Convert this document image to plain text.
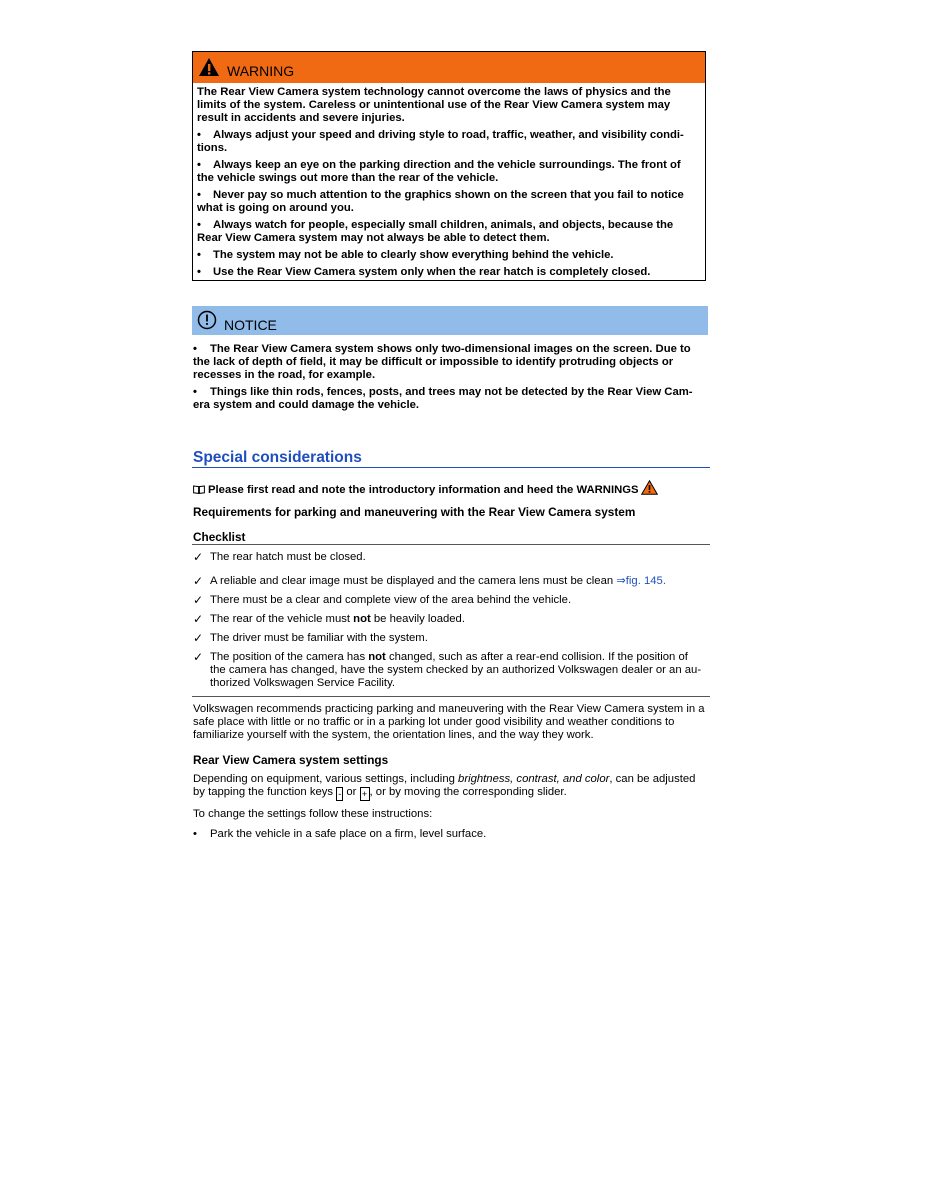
WARNING

The Rear View Camera system technology cannot overcome the laws of physics and the limits of the system. Careless or unintentional use of the Rear View Camera system may result in accidents and severe injuries.

• Always adjust your speed and driving style to road, traffic, weather, and visibility condi-tions.

• Always keep an eye on the parking direction and the vehicle surroundings. The front of the vehicle swings out more than the rear of the vehicle.

• Never pay so much attention to the graphics shown on the screen that you fail to notice what is going on around you.

• Always watch for people, especially small children, animals, and objects, because the Rear View Camera system may not always be able to detect them.

• The system may not be able to clearly show everything behind the vehicle.

• Use the Rear View Camera system only when the rear hatch is completely closed.

NOTICE

• The Rear View Camera system shows only two-dimensional images on the screen. Due to the lack of depth of field, it may be difficult or impossible to identify protruding objects or recesses in the road, for example.

• Things like thin rods, fences, posts, and trees may not be detected by the Rear View Cam-era system and could damage the vehicle.

Special considerations
Please first read and note the introductory information and heed the WARNINGS
Requirements for parking and maneuvering with the Rear View Camera system
Checklist
✓ The rear hatch must be closed.
✓ A reliable and clear image must be displayed and the camera lens must be clean ⇒fig. 145.
✓ There must be a clear and complete view of the area behind the vehicle.
✓ The rear of the vehicle must not be heavily loaded.
✓ The driver must be familiar with the system.
✓ The position of the camera has not changed, such as after a rear-end collision. If the position of the camera has changed, have the system checked by an authorized Volkswagen dealer or an au-thorized Volkswagen Service Facility.
Volkswagen recommends practicing parking and maneuvering with the Rear View Camera system in a safe place with little or no traffic or in a parking lot under good visibility and weather conditions to familiarize yourself with the system, the orientation lines, and the way they work.
Rear View Camera system settings
Depending on equipment, various settings, including brightness, contrast, and color, can be adjusted by tapping the function keys - or + , or by moving the corresponding slider.
To change the settings follow these instructions:
• Park the vehicle in a safe place on a firm, level surface.
